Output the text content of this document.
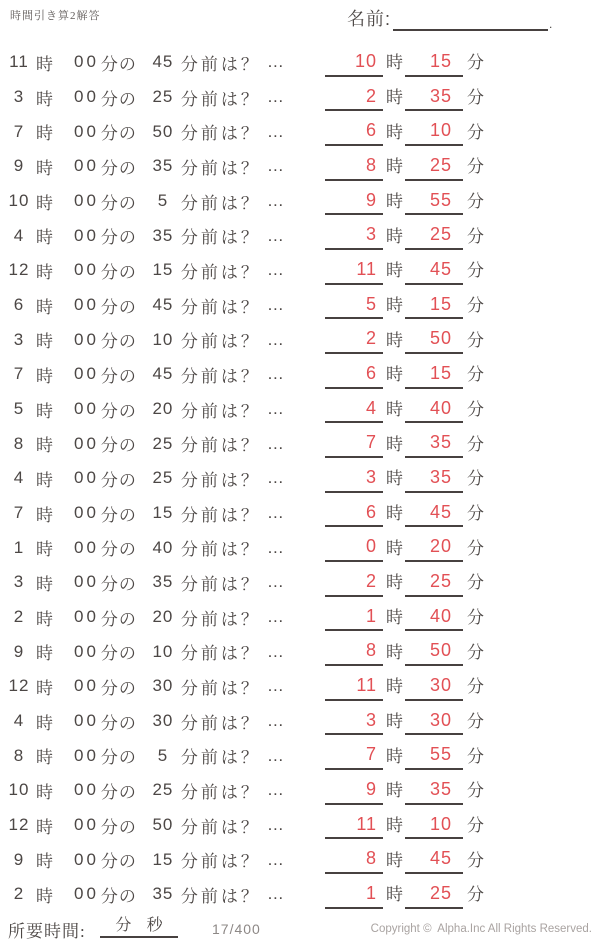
時間引き算2解答	名前:	.
11 時 00 分の 45 分前は？ …	10 時 15 分
3 時 00 分の 25 分前は？ …	2 時 35 分
7 時 00 分の 50 分前は？ …	6 時 10 分
9 時 00 分の 35 分前は？ …	8 時 25 分
10 時 00 分の	5 分前は？ …	9 時 55 分
4 時 00 分の 35 分前は？ …	3 時 25 分
12 時 00 分の 15 分前は？ …	11 時 45 分
6 時 00 分の 45 分前は？ …	5 時 15 分
3 時 00 分の 10 分前は？ …	2 時 50 分
7 時 00 分の 45 分前は？ …	6 時 15 分
5 時 00 分の 20 分前は？ …	4 時 40 分
8 時 00 分の 25 分前は？ …	7 時 35 分
4 時 00 分の 25 分前は？ …	3 時 35 分
7 時 00 分の 15 分前は？ …	6 時 45 分
1 時 00 分の 40 分前は？ …	0 時 20 分
3 時 00 分の 35 分前は？ …	2 時 25 分
2 時 00 分の 20 分前は？ …	1 時 40 分
9 時 00 分の 10 分前は？ …	8 時 50 分
12 時 00 分の 30 分前は？ …	11 時 30 分
4 時 00 分の 30 分前は？ …	3 時 30 分
8 時 00 分の	5 分前は？ …	7 時 55 分
10 時 00 分の 25 分前は？ …	9 時 35 分
12 時 00 分の 50 分前は？ …	11 時 10 分
9 時 00 分の 15 分前は？ …	8 時 45 分
2 時 00 分の 35 分前は？ …	1 時 25 分
所要時間: 分 秒	17/400	Copyright ©  Alpha.Inc All Rights Reserved.
